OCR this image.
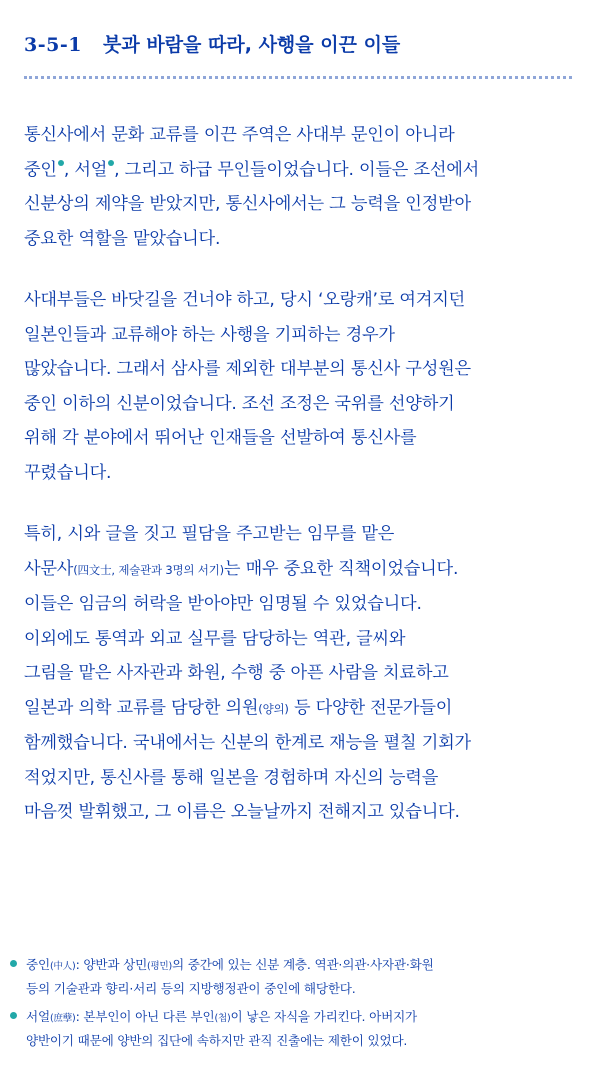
3-5-1 붓과 바람을 따라, 사행을 이끈 이들
통신사에서 문화 교류를 이끈 주역은 사대부 문인이 아니라
중인 , 서얼 , 그리고 하급 무인들이었습니다. 이들은 조선에서
신분상의 제약을 받았지만, 통신사에서는 그 능력을 인정받아
중요한 역할을 맡았습니다.
사대부들은 바닷길을 건너야 하고, 당시 ‘오랑캐’로 여겨지던
일본인들과 교류해야 하는 사행을 기피하는 경우가
많았습니다. 그래서 삼사를 제외한 대부분의 통신사 구성원은
중인 이하의 신분이었습니다. 조선 조정은 국위를 선양하기
위해 각 분야에서 뛰어난 인재들을 선발하여 통신사를
꾸렸습니다.
특히, 시와 글을 짓고 필담을 주고받는 임무를 맡은
사문사(四文士, 제술관과 3명의 서기)는 매우 중요한 직책이었습니다.
이들은 임금의 허락을 받아야만 임명될 수 있었습니다.
이외에도 통역과 외교 실무를 담당하는 역관, 글씨와
그림을 맡은 사자관과 화원, 수행 중 아픈 사람을 치료하고
일본과 의학 교류를 담당한 의원(양의) 등 다양한 전문가들이
함께했습니다. 국내에서는 신분의 한계로 재능을 펼칠 기회가
적었지만, 통신사를 통해 일본을 경험하며 자신의 능력을
마음껏 발휘했고, 그 이름은 오늘날까지 전해지고 있습니다.
중인(中人): 양반과 상민(평민)의 중간에 있는 신분 계층. 역관·의관·사자관·화원
등의 기술관과 향리·서리 등의 지방행정관이 중인에 해당한다.
서얼(庶孽): 본부인이 아닌 다른 부인(첩)이 낳은 자식을 가리킨다. 아버지가
양반이기 때문에 양반의 집단에 속하지만 관직 진출에는 제한이 있었다.
